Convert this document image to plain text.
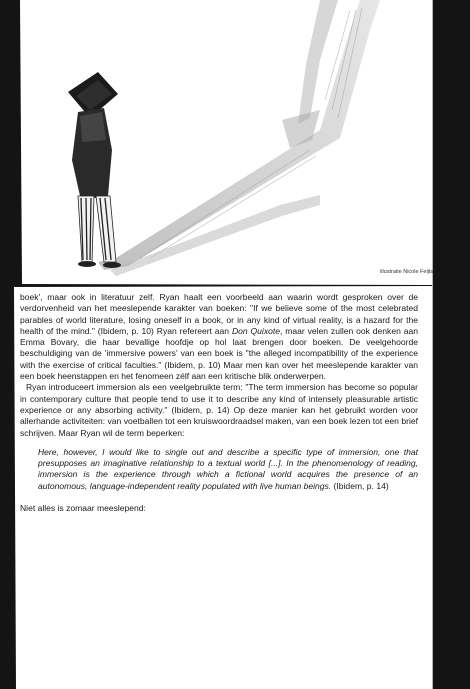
illustratie Nicole Feijts

boek', maar ook in literatuur zelf. Ryan haalt een voorbeeld aan waarin wordt gesproken over de verdorvenheid van het meeslepende karakter van boeken: "If we believe some of the most celebrated parables of world literature, losing oneself in a book, or in any kind of virtual reality, is a hazard for the health of the mind." (Ibidem, p. 10) Ryan refereert aan Don Quixote, maar velen zullen ook denken aan Emma Bovary, die haar bevallige hoofdje op hol laat brengen door boeken. De veelgehoorde beschuldiging van de 'immersive powers' van een boek is "the alleged incompatibility of the experience with the exercise of critical faculties." (Ibidem, p. 10) Maar men kan over het meeslepende karakter van een boek heenstappen en het fenomeen zélf aan een kritische blik onderwerpen.

Ryan introduceert immersion als een veelgebruikte term: "The term immersion has become so popular in contemporary culture that people tend to use it to describe any kind of intensely pleasurable artistic experience or any absorbing activity." (Ibidem, p. 14) Op deze manier kan het gebruikt worden voor allerhande activiteiten: van voetballen tot een kruiswoordraadsel maken, van een boek lezen tot een brief schrijven. Maar Ryan wil de term beperken:

Here, however, I would like to single out and describe a specific type of immersion, one that presupposes an imaginative relationship to a textual world [...]. In the phenomenology of reading, immersion is the experience through which a fictional world acquires the presence of an autonomous, language-independent reality populated with live human beings. (Ibidem, p. 14)

Niet alles is zomaar meeslepend:
